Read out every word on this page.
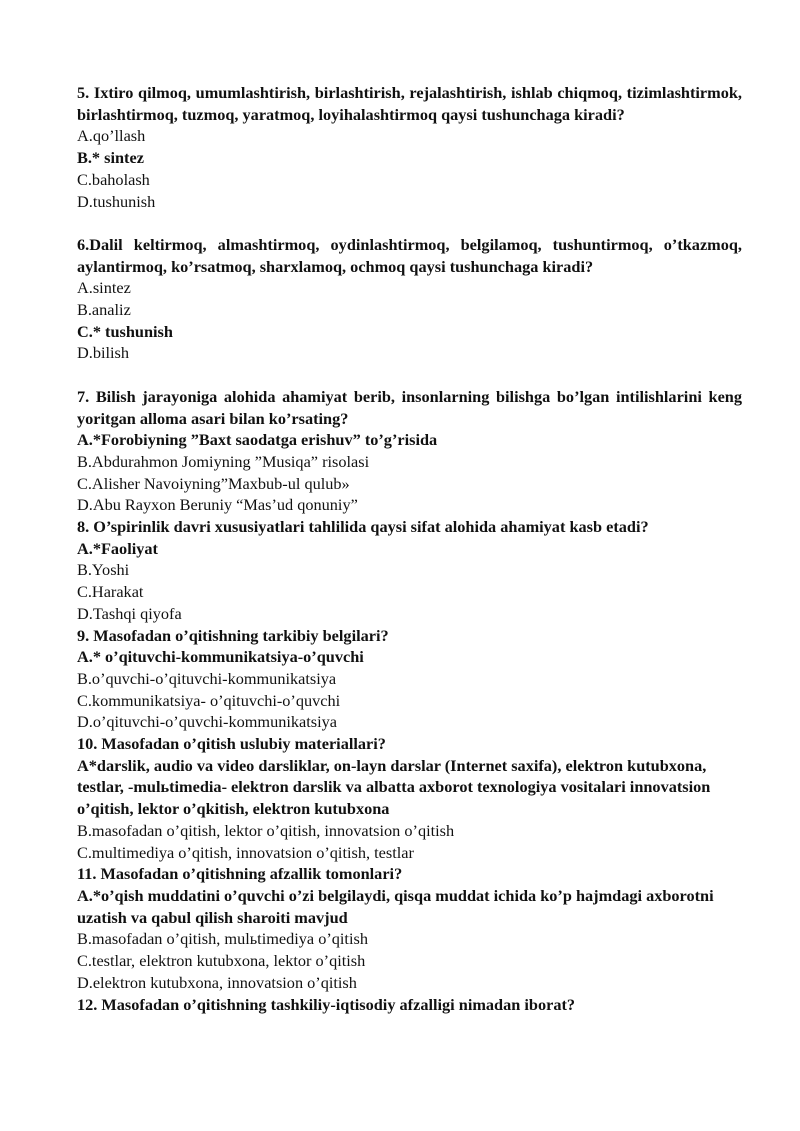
5. Ixtiro qilmoq, umumlashtirish, birlashtirish, rejalashtirish, ishlab chiqmoq, tizimlashtirmok, birlashtirmoq, tuzmoq, yaratmoq, loyihalashtirmoq qaysi tushunchaga kiradi?
A.qo’llash
B.* sintez
C.baholash
D.tushunish
6.Dalil keltirmoq, almashtirmoq, oydinlashtirmoq, belgilamoq, tushuntirmoq, o’tkazmoq, aylantirmoq, ko’rsatmoq, sharxlamoq, ochmoq qaysi tushunchaga kiradi?
A.sintez
B.analiz
C.* tushunish
D.bilish
7. Bilish jarayoniga alohida ahamiyat berib, insonlarning bilishga bo’lgan intilishlarini keng yoritgan alloma asari bilan ko’rsating?
A.*Forobiyning ”Baxt saodatga erishuv” to’g’risida
B.Abdurahmon Jomiyning ”Musiqa” risolasi
C.Alisher Navoiyning”Maxbub-ul qulub»
D.Abu Rayxon Beruniy “Mas’ud qonuniy”
8. O’spirinlik davri xususiyatlari tahlilida qaysi sifat alohida ahamiyat kasb etadi?
A.*Faoliyat
B.Yoshi
C.Harakat
D.Tashqi qiyofa
9. Masofadan o’qitishning tarkibiy belgilari?
A.* o’qituvchi-kommunikatsiya-o’quvchi
B.o’quvchi-o’qituvchi-kommunikatsiya
C.kommunikatsiya- o’qituvchi-o’quvchi
D.o’qituvchi-o’quvchi-kommunikatsiya
10. Masofadan o’qitish uslubiy materiallari?
A*darslik, audio va video darsliklar, on-layn darslar (Internet saxifa), elektron kutubxona, testlar, -mulьtimedia- elektron darslik va albatta axborot texnologiya vositalari innovatsion o’qitish, lektor o’qkitish, elektron kutubxona
B.masofadan o’qitish, lektor o’qitish, innovatsion o’qitish
C.multimediya o’qitish, innovatsion o’qitish, testlar
11. Masofadan o’qitishning afzallik tomonlari?
A.*o’qish muddatini o’quvchi o’zi belgilaydi, qisqa muddat ichida ko’p hajmdagi axborotni uzatish va qabul qilish sharoiti mavjud
B.masofadan o’qitish, mulьtimediya o’qitish
C.testlar, elektron kutubxona, lektor o’qitish
D.elektron kutubxona, innovatsion o’qitish
12. Masofadan o’qitishning tashkiliy-iqtisodiy afzalligi nimadan iborat?
